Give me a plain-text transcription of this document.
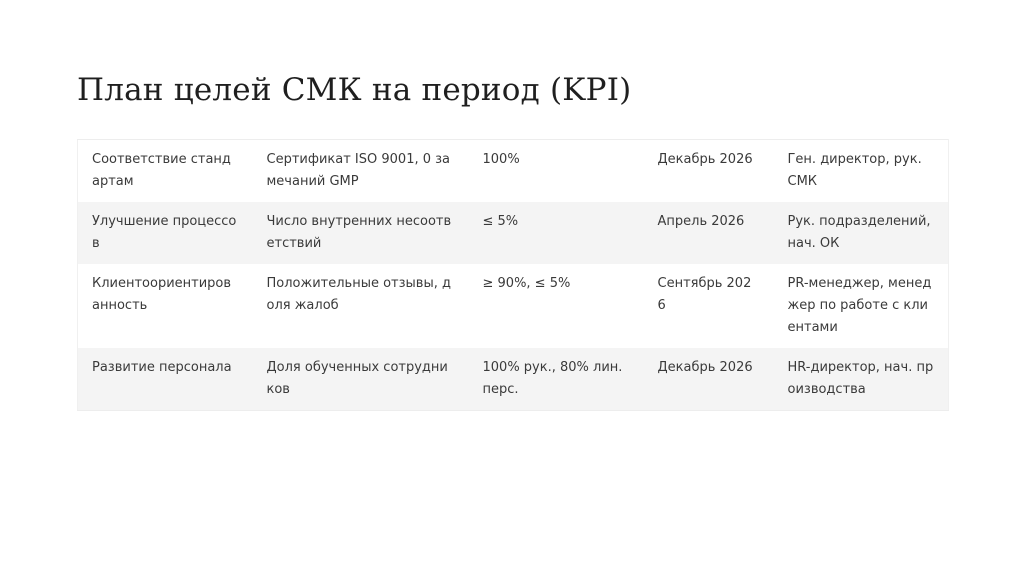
План целей СМК на период (KPI)
Соответствие стандартам	Сертификат ISO 9001, 0 замечаний GMP	100%	Декабрь 2026	Ген. директор, рук. СМК
Улучшение процессов	Число внутренних несоответствий	≤ 5%	Апрель 2026	Рук. подразделений, нач. ОК
Клиентоориентированность	Положительные отзывы, доля жалоб	≥ 90%, ≤ 5%	Сентябрь 2026	PR-менеджер, менеджер по работе с клиентами
Развитие персонала	Доля обученных сотрудников	100% рук., 80% лин. перс.	Декабрь 2026	HR-директор, нач. производства
